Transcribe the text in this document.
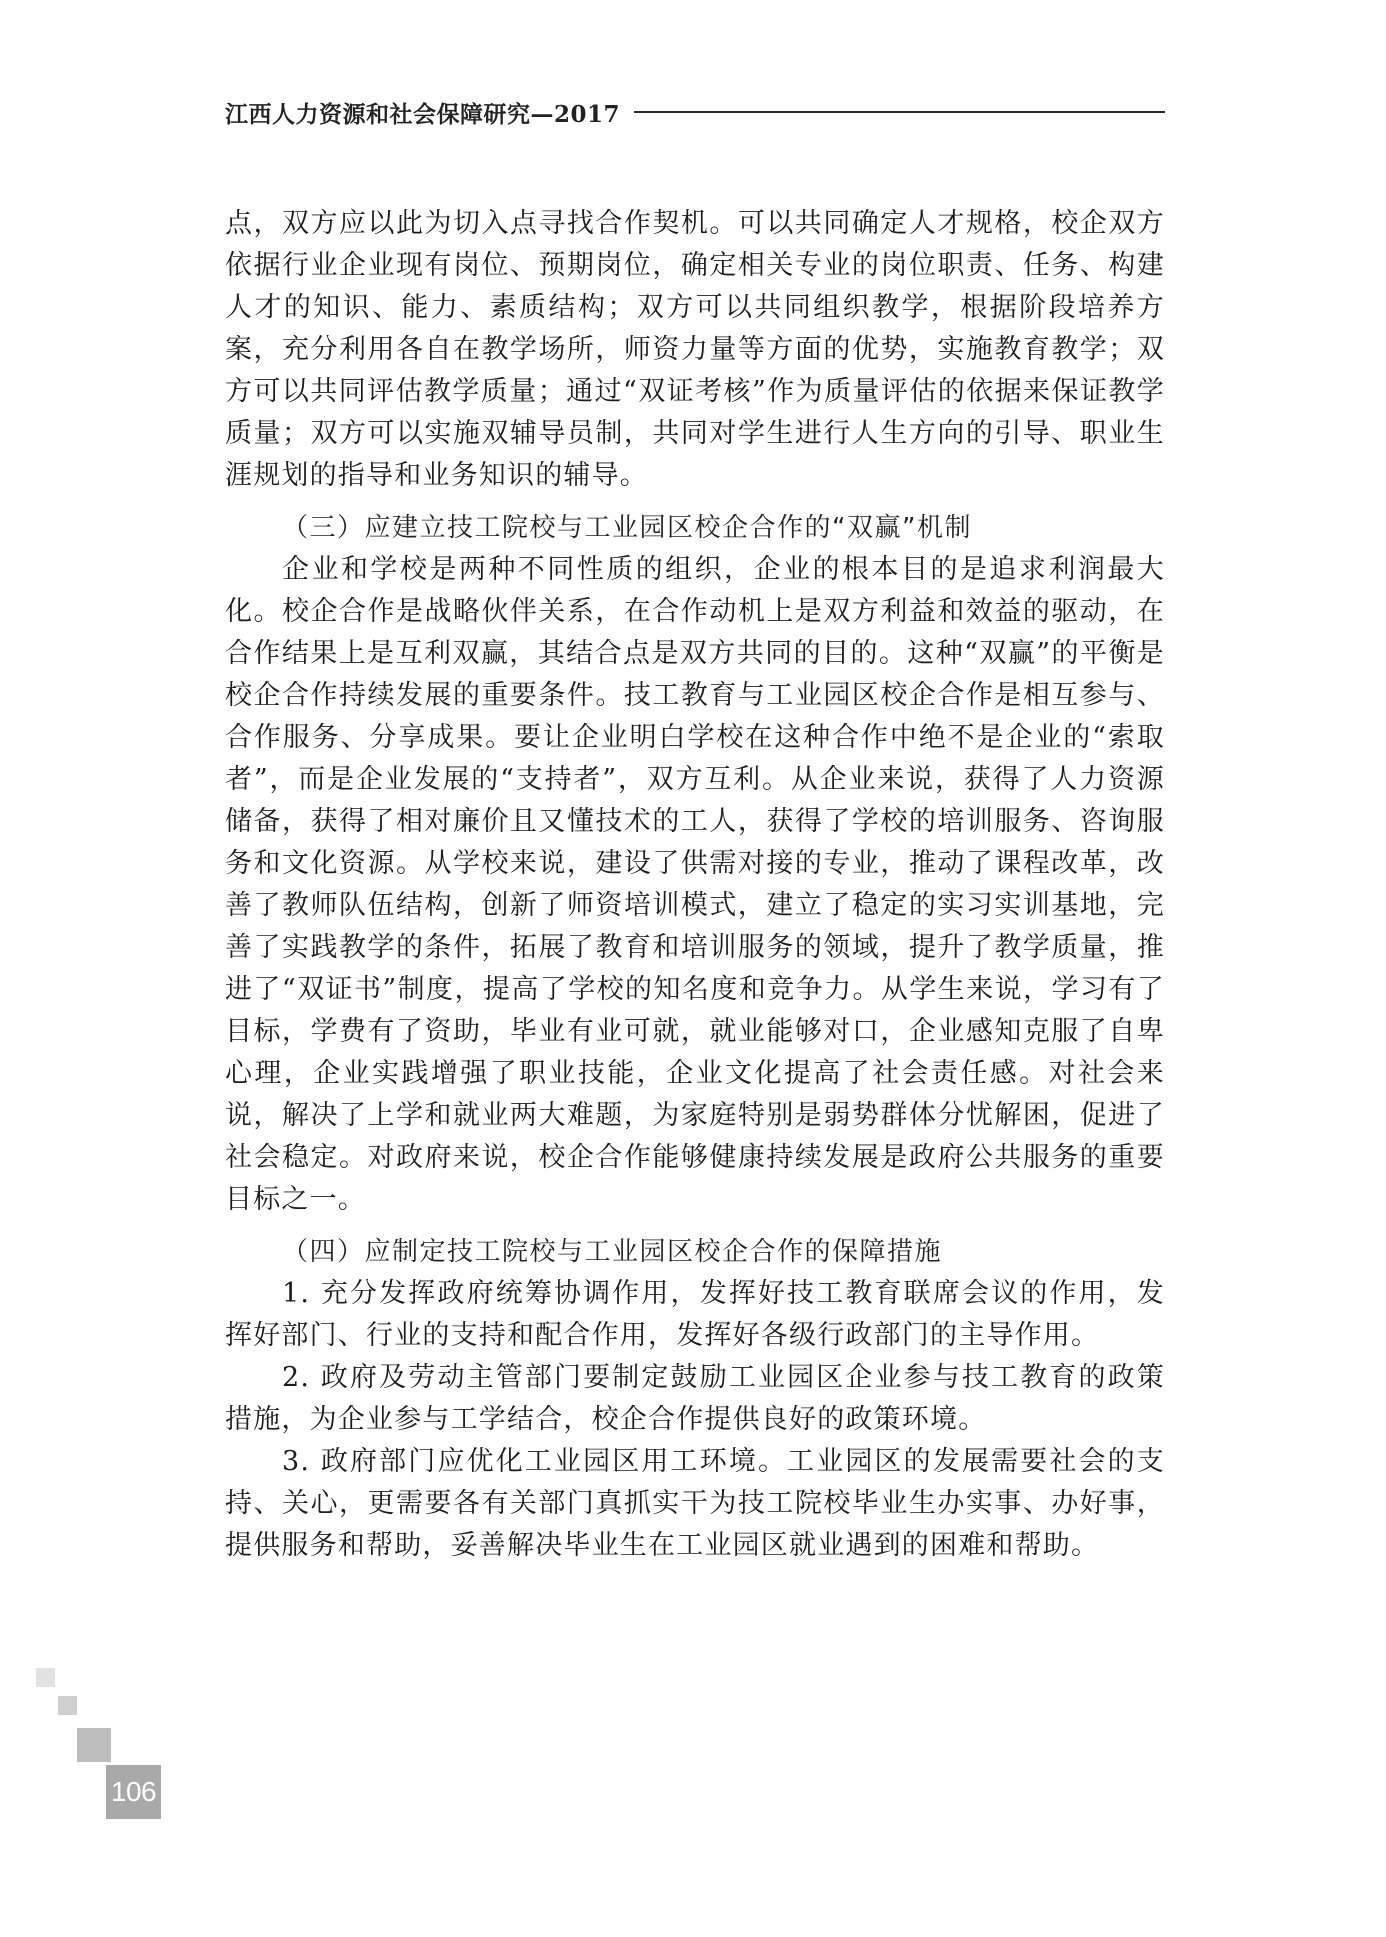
江西人力资源和社会保障研究—2017

点，双方应以此为切入点寻找合作契机。可以共同确定人才规格，校企双方依据行业企业现有岗位、预期岗位，确定相关专业的岗位职责、任务、构建人才的知识、能力、素质结构；双方可以共同组织教学，根据阶段培养方案，充分利用各自在教学场所，师资力量等方面的优势，实施教育教学；双方可以共同评估教学质量；通过“双证考核”作为质量评估的依据来保证教学质量；双方可以实施双辅导员制，共同对学生进行人生方向的引导、职业生涯规划的指导和业务知识的辅导。

（三）应建立技工院校与工业园区校企合作的“双赢”机制

企业和学校是两种不同性质的组织，企业的根本目的是追求利润最大化。校企合作是战略伙伴关系，在合作动机上是双方利益和效益的驱动，在合作结果上是互利双赢，其结合点是双方共同的目的。这种“双赢”的平衡是校企合作持续发展的重要条件。技工教育与工业园区校企合作是相互参与、合作服务、分享成果。要让企业明白学校在这种合作中绝不是企业的“索取者”，而是企业发展的“支持者”，双方互利。从企业来说，获得了人力资源储备，获得了相对廉价且又懂技术的工人，获得了学校的培训服务、咨询服务和文化资源。从学校来说，建设了供需对接的专业，推动了课程改革，改善了教师队伍结构，创新了师资培训模式，建立了稳定的实习实训基地，完善了实践教学的条件，拓展了教育和培训服务的领域，提升了教学质量，推进了“双证书”制度，提高了学校的知名度和竞争力。从学生来说，学习有了目标，学费有了资助，毕业有业可就，就业能够对口，企业感知克服了自卑心理，企业实践增强了职业技能，企业文化提高了社会责任感。对社会来说，解决了上学和就业两大难题，为家庭特别是弱势群体分忧解困，促进了社会稳定。对政府来说，校企合作能够健康持续发展是政府公共服务的重要目标之一。

（四）应制定技工院校与工业园区校企合作的保障措施

1. 充分发挥政府统筹协调作用，发挥好技工教育联席会议的作用，发挥好部门、行业的支持和配合作用，发挥好各级行政部门的主导作用。

2. 政府及劳动主管部门要制定鼓励工业园区企业参与技工教育的政策措施，为企业参与工学结合，校企合作提供良好的政策环境。

3. 政府部门应优化工业园区用工环境。工业园区的发展需要社会的支持、关心，更需要各有关部门真抓实干为技工院校毕业生办实事、办好事，提供服务和帮助，妥善解决毕业生在工业园区就业遇到的困难和帮助。

106
